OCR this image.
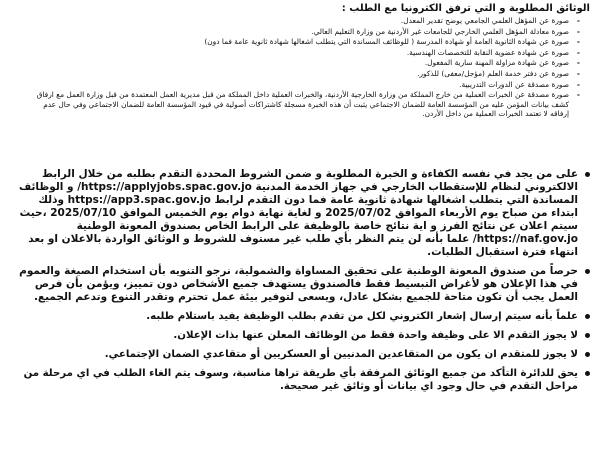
الوثائق المطلوبة و التي ترفق الكترونيا مع الطلب :
- صورة عن المؤهل العلمي الجامعي يوضح تقدير المعدل.
- صورة معادلة المؤهل العلمي الخارجي للجامعات غير الأردنية من وزارة التعليم العالي.
- صورة عن شهادة الثانوية العامة أو شهادة المدرسة ( للوظائف المساندة التي يتطلب اشغالها شهادة ثانوية عامة فما دون)
- صورة عن شهادة عضوية النقابة للتخصصات الهندسية.
- صورة عن شهادة مزاولة المهنة سارية المفعول.
- صورة عن دفتر خدمة العلم (مؤجل/معفى) للذكور.
- صورة مصدقة عن الدورات التدريبية.
- صورة مصدقة عن الخبرات العملية من خارج المملكة من وزارة الخارجية الأردنية، والخبرات العملية داخل المملكة من قبل مديرية العمل المعتمدة من قبل وزارة العمل مع ارفاق كشف بيانات المؤمن عليه من المؤسسة العامة للضمان الاجتماعي يثبت أن هذه الخبرة مسجلة كاشتراكات أصولية في قيود المؤسسة العامة للضمان الاجتماعي وفي حال عدم إرفاقه لا تعتمد الخبرات العملية من داخل الأردن.
على من يجد في نفسه الكفاءة و الخبرة المطلوبة و ضمن الشروط المحددة التقدم بطلبه من خلال الرابط الالكتروني لنظام للإستقطاب الخارجي في جهاز الخدمة المدنية https://applyjobs.spac.gov.jo/ و الوظائف المساندة التي يتطلب اشغالها شهادة ثانوية عامة فما دون التقدم لرابط https://app3.spac.gov.jo وذلك ابتداء من صباح يوم الأربعاء الموافق 2025/07/02 و لغاية نهاية دوام يوم الخميس الموافق 2025/07/10 ،حيث سيتم اعلان عن نتائج الفرز و اية نتائج خاصة بالوظيفة على الرابط الخاص بصندوق المعونة الوطنية https://naf.gov.jo/ علما بأنه لن يتم النظر بأي طلب غير مستوف للشروط و الوثائق الواردة بالاعلان او بعد انتهاء فترة استقبال الطلبات.
حرصاً من صندوق المعونة الوطنية على تحقيق المساواة والشمولية، نرجو التنويه بأن استخدام الصيغة والعموم في هذا الإعلان هو لأغراض التبسيط فقط فالصندوق يستهدف جميع الأشخاص دون تمييز، ويؤمن بأن فرص العمل يجب أن تكون متاحة للجميع بشكل عادل، ويسعى لتوفير بيئة عمل تحترم وتقدر التنوع وتدعم الجميع.
علماً بأنه سيتم إرسال إشعار الكتروني لكل من تقدم بطلب الوظيفة يفيد باستلام طلبه.
لا يجوز التقدم الا على وظيفة واحدة فقط من الوظائف المعلن عنها بذات الإعلان.
لا يجوز للمتقدم ان يكون من المتقاعدين المدنيين أو العسكريين أو متقاعدي الضمان الإجتماعي.
يحق للدائرة التأكد من جميع الوثائق المرفقة بأي طريقة تراها مناسبة، وسوف يتم الغاء الطلب في اي مرحلة من مراحل التقدم في حال وجود اي بيانات أو وثائق غير صحيحة.
